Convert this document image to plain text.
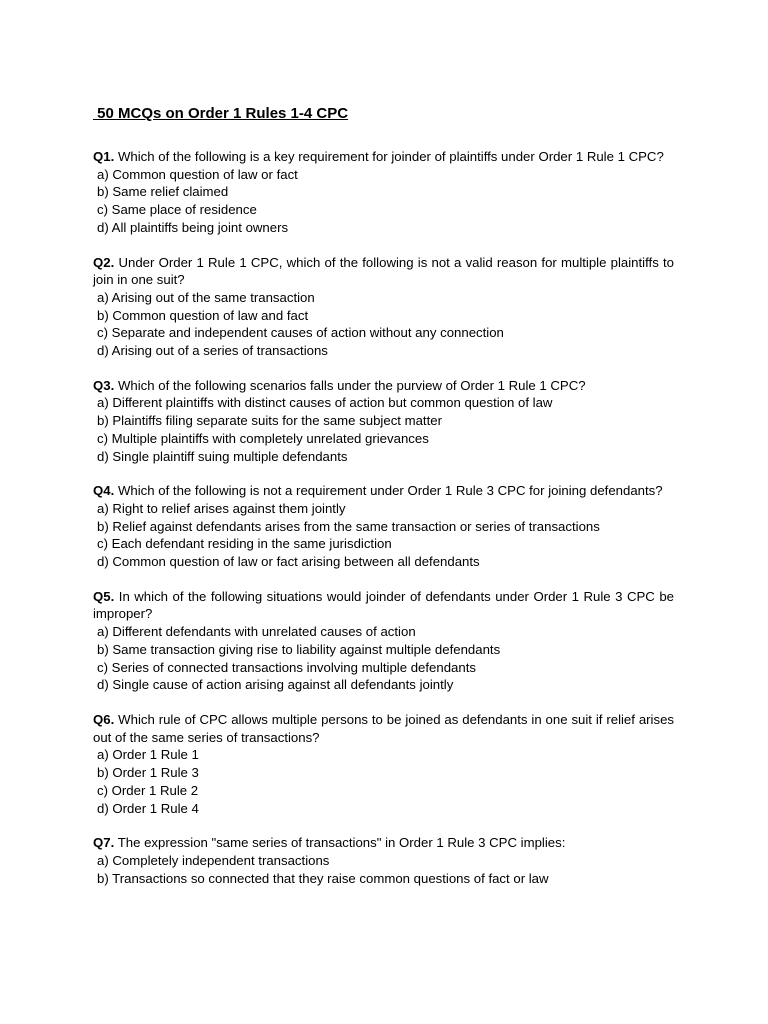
50 MCQs on Order 1 Rules 1-4 CPC

Q1. Which of the following is a key requirement for joinder of plaintiffs under Order 1 Rule 1 CPC?

a) Common question of law or fact
b) Same relief claimed
c) Same place of residence
d) All plaintiffs being joint owners

Q2. Under Order 1 Rule 1 CPC, which of the following is not a valid reason for multiple plaintiffs to join in one suit?

a) Arising out of the same transaction
b) Common question of law and fact
c) Separate and independent causes of action without any connection
d) Arising out of a series of transactions

Q3. Which of the following scenarios falls under the purview of Order 1 Rule 1 CPC?

a) Different plaintiffs with distinct causes of action but common question of law
b) Plaintiffs filing separate suits for the same subject matter
c) Multiple plaintiffs with completely unrelated grievances
d) Single plaintiff suing multiple defendants

Q4. Which of the following is not a requirement under Order 1 Rule 3 CPC for joining defendants?

a) Right to relief arises against them jointly
b) Relief against defendants arises from the same transaction or series of transactions
c) Each defendant residing in the same jurisdiction
d) Common question of law or fact arising between all defendants

Q5. In which of the following situations would joinder of defendants under Order 1 Rule 3 CPC be improper?

a) Different defendants with unrelated causes of action
b) Same transaction giving rise to liability against multiple defendants
c) Series of connected transactions involving multiple defendants
d) Single cause of action arising against all defendants jointly

Q6. Which rule of CPC allows multiple persons to be joined as defendants in one suit if relief arises out of the same series of transactions?

a) Order 1 Rule 1
b) Order 1 Rule 3
c) Order 1 Rule 2
d) Order 1 Rule 4

Q7. The expression "same series of transactions" in Order 1 Rule 3 CPC implies:

a) Completely independent transactions
b) Transactions so connected that they raise common questions of fact or law
